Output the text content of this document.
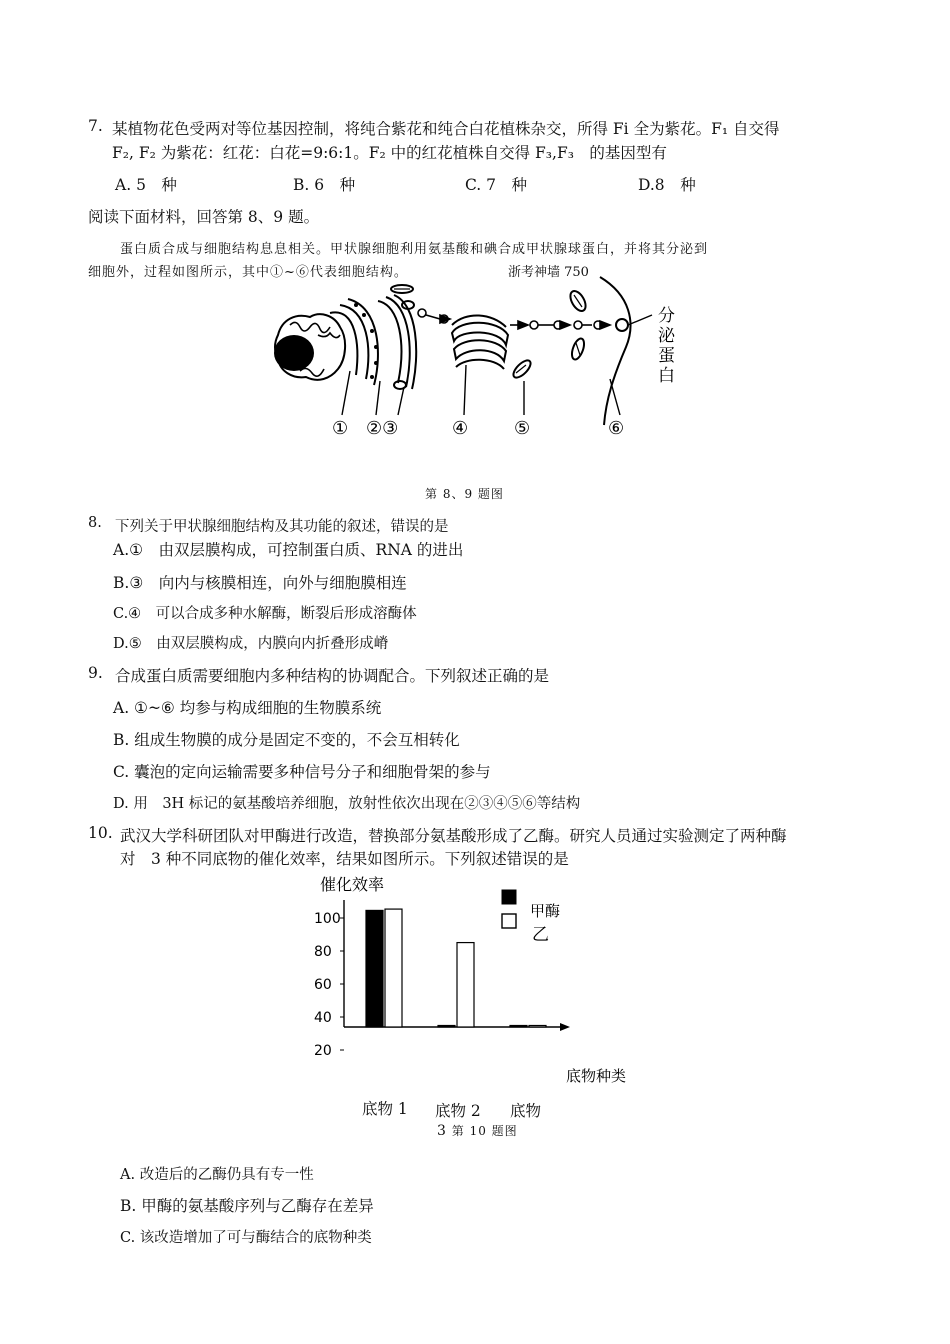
7. 某植物花色受两对等位基因控制，将纯合紫花和纯合白花植株杂交，所得 Fi 全为紫花。F₁ 自交得
F₂, F₂ 为紫花：红花：白花=9:6:1。F₂ 中的红花植株自交得 F₃,F₃　的基因型有
A. 5　种	B. 6　种	C. 7　种	D.8　 种
阅读下面材料，回答第 8、9 题。
蛋白质合成与细胞结构息息相关。甲状腺细胞利用氨基酸和碘合成甲状腺球蛋白，并将其分泌到
细胞外，过程如图所示，其中①~⑥代表细胞结构。	浙考神墙 750
① ②③	④	⑤	⑥
分
泌
蛋
白
第 8、9 题图
8. 下列关于甲状腺细胞结构及其功能的叙述，错误的是
A.①　由双层膜构成，可控制蛋白质、RNA 的进出
B.③　向内与核膜相连，向外与细胞膜相连
C.④　可以合成多种水解酶，断裂后形成溶酶体
D.⑤　由双层膜构成，内膜向内折叠形成嵴
9. 合成蛋白质需要细胞内多种结构的协调配合。下列叙述正确的是
A. ①~⑥ 均参与构成细胞的生物膜系统
B. 组成生物膜的成分是固定不变的，不会互相转化
C. 囊泡的定向运输需要多种信号分子和细胞骨架的参与
D. 用　3H 标记的氨基酸培养细胞，放射性依次出现在②③④⑤⑥等结构
10. 武汉大学科研团队对甲酶进行改造，替换部分氨基酸形成了乙酶。研究人员通过实验测定了两种酶
对　3 种不同底物的催化效率，结果如图所示。下列叙述错误的是
催化效率
100
80
60
40
20
甲酶
乙
底物种类
底物 1 底物 2 底物
3 第 10 题图
A. 改造后的乙酶仍具有专一性
B. 甲酶的氨基酸序列与乙酶存在差异
C. 该改造增加了可与酶结合的底物种类
